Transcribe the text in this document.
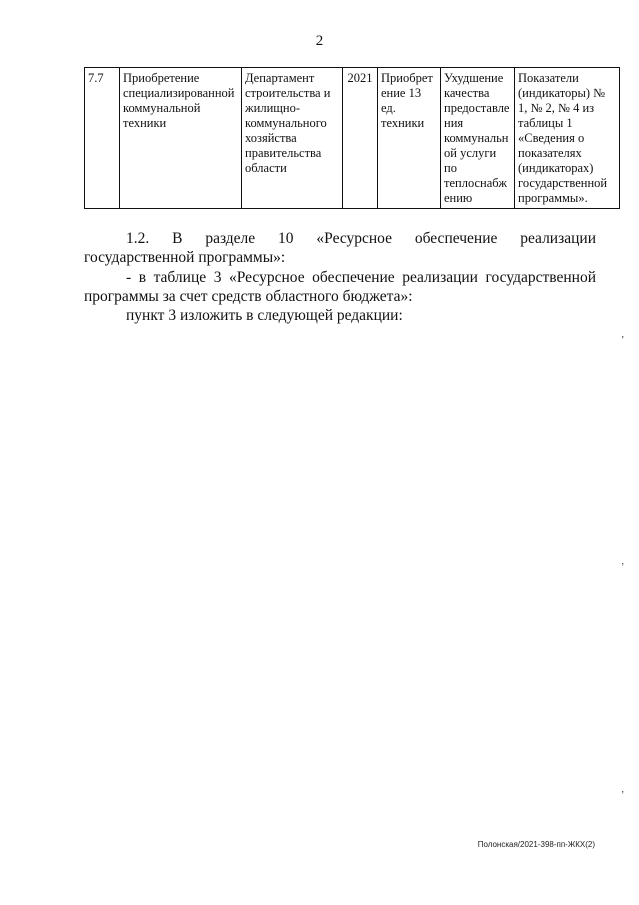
2
7.7	Приобретение специализированной коммунальной техники	Департамент строительства и жилищно-коммунального хозяйства правительства области	2021	Приобретение 13 ед. техники	Ухудшение качества предоставления коммунальной услуги по теплоснабжению	Показатели (индикаторы) № 1, № 2, № 4 из таблицы 1 «Сведения о показателях (индикаторах) государственной программы».
1.2. В разделе 10 «Ресурсное обеспечение реализации государственной программы»:
- в таблице 3 «Ресурсное обеспечение реализации государственной программы за счет средств областного бюджета»:
пункт 3 изложить в следующей редакции:
’
’
’
Полонская/2021-398-пп-ЖКХ(2)
